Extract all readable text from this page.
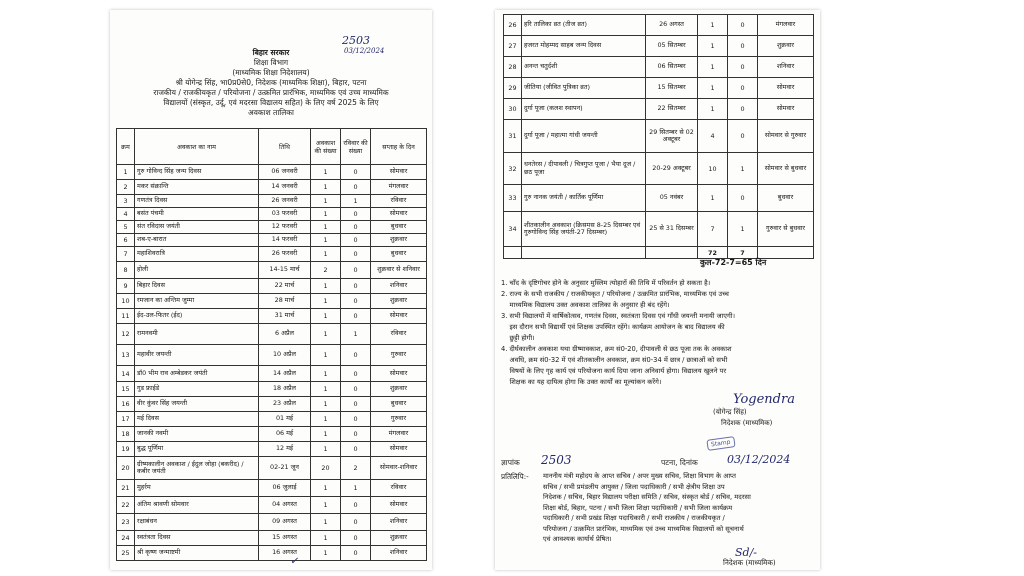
2503
03/12/2024
बिहार सरकार
शिक्षा विभाग
(माध्यमिक शिक्षा निदेशालय)
श्री योगेन्द्र सिंह, भा0प्र0से0, निदेशक (माध्यमिक शिक्षा), बिहार, पटना
राजकीय / राजकीयकृत / परियोजना / उत्क्रमित प्रारंभिक, माध्यमिक एवं उच्च माध्यमिक
विद्यालयों (संस्कृत, उर्दू, एवं मदरसा विद्यालय सहित) के लिए वर्ष 2025 के लिए
अवकाश तालिका
क्रम	अवकाश का नाम	तिथि	अवकाश की संख्या	रविवार की संख्या	सप्ताह के दिन
1	गुरु गोविन्द सिंह जन्म दिवस	06 जनवरी	1	0	सोमवार
2	मकर संक्रान्ति	14 जनवरी	1	0	मंगलवार
3	गणतंत्र दिवस	26 जनवरी	1	1	रविवार
4	बसंत पंचमी	03 फरवरी	1	0	सोमवार
5	संत रविदास जयंती	12 फरवरी	1	0	बुधवार
6	शब-ए-बारात	14 फरवरी	1	0	शुक्रवार
7	महाशिवरात्रि	26 फरवरी	1	0	बुधवार
8	होली	14-15 मार्च	2	0	शुक्रवार से शनिवार
9	बिहार दिवस	22 मार्च	1	0	शनिवार
10	रमजान का अन्तिम जुम्मा	28 मार्च	1	0	शुक्रवार
11	ईद-उल-फितर (ईद)	31 मार्च	1	0	सोमवार
12	रामनवमी	6 अप्रैल	1	1	रविवार
13	महावीर जयन्ती	10 अप्रैल	1	0	गुरुवार
14	डॉ0 भीम राव अम्बेडकर जयंती	14 अप्रैल	1	0	सोमवार
15	गुड फ्राईडे	18 अप्रैल	1	0	शुक्रवार
16	वीर कुंवर सिंह जयन्ती	23 अप्रैल	1	0	बुधवार
17	मई दिवस	01 मई	1	0	गुरुवार
18	जानकी नवमी	06 मई	1	0	मंगलवार
19	बुद्ध पूर्णिमा	12 मई	1	0	सोमवार
20	ग्रीष्मकालीन अवकाश / ईदुल जोहा (बकरीद) / कबीर जयंती	02-21 जून	20	2	सोमवार-शनिवार
21	मुहर्रम	06 जुलाई	1	1	रविवार
22	अंतिम श्रावणी सोमवार	04 अगस्त	1	0	सोमवार
23	रक्षाबंधन	09 अगस्त	1	0	शनिवार
24	स्वतंत्रता दिवस	15 अगस्त	1	0	शुक्रवार
25	श्री कृष्ण जन्माष्टमी	16 अगस्त	1	0	शनिवार
✓
26	हरि तालिका व्रत (तीज व्रत)	26 अगस्त	1	0	मंगलवार
27	हजरत मोहम्मद साहब जन्म दिवस	05 सितम्बर	1	0	शुक्रवार
28	अनन्त चतुर्दशी	06 सितम्बर	1	0	शनिवार
29	जीतिया (जीवित पुत्रिका व्रत)	15 सितम्बर	1	0	सोमवार
30	दुर्गा पूजा (कलश स्थापन)	22 सितम्बर	1	0	सोमवार
31	दुर्गा पूजा / महात्मा गांधी जयन्ती	29 सितम्बर से 02 अक्टूबर	4	0	सोमवार से गुरुवार
32	धनतेरस / दीपावली / चित्रगुप्त पूजा / भैया दूज / छठ पूजा	20-29 अक्टूबर	10	1	सोमवार से बुधवार
33	गुरु नानक जयंती / कार्तिक पूर्णिमा	05 नवंबर	1	0	बुधवार
34	शीतकालीन अवकाश (क्रिसमस 8-25 दिसम्बर एवं गुरुगोविन्द सिंह जयंती-27 दिसम्बर)	25 से 31 दिसम्बर	7	1	गुरुवार से बुधवार
			72	7	
कुल-72-7=65 दिन
1. चाँद के दृष्टिगोचर होने के अनुसार मुस्लिम त्योहारों की तिथि में परिवर्तन हो सकता है।
2. राज्य के सभी राजकीय / राजकीयकृत / परियोजना / उत्क्रमित प्रारंभिक, माध्यमिक एवं उच्च
माध्यमिक विद्यालय उक्त अवकाश तालिका के अनुसार ही बंद रहेंगे।
3. सभी विद्यालयों में वार्षिकोत्सव, गणतंत्र दिवस, स्वतंत्रता दिवस एवं गाँधी जयन्ती मनायी जाएगी।
इस दौरान सभी विद्यार्थी एवं शिक्षक उपस्थित रहेंगे। कार्यक्रम आयोजन के बाद विद्यालय की
छुट्टी होगी।
4. दीर्घकालीन अवकाश यथा ग्रीष्मावकाश, क्रम सं0-20, दीपावली से छठ पूजा तक के अवकाश
अवधि, क्रम सं0-32 में एवं शीतकालीन अवकाश, क्रम सं0-34 में छात्र / छात्राओं को सभी
विषयों के लिए गृह कार्य एवं परियोजना कार्य दिया जाना अनिवार्य होगा। विद्यालय खुलने पर
शिक्षक का यह दायित्व होगा कि उक्त कार्यों का मूल्यांकन करेंगे।
Yogendra
(योगेन्द्र सिंह)
निदेशक (माध्यमिक)
Stamp
ज्ञापांक 2503	पटना, दिनांक	03/12/2024
प्रतिलिपि:- माननीय मंत्री महोदय के आप्त सचिव / अपर मुख्य सचिव, शिक्षा विभाग के आप्त
सचिव / सभी प्रमंडलीय आयुक्त / जिला पदाधिकारी / सभी क्षेत्रीय शिक्षा उप
निदेशक / सचिव, बिहार विद्यालय परीक्षा समिति / सचिव, संस्कृत बोर्ड / सचिव, मदरसा
शिक्षा बोर्ड, बिहार, पटना / सभी जिला शिक्षा पदाधिकारी / सभी जिला कार्यक्रम
पदाधिकारी / सभी प्रखंड शिक्षा पदाधिकारी / सभी राजकीय / राजकीयकृत /
परियोजना / उत्क्रमित प्रारंभिक, माध्यमिक एवं उच्च माध्यमिक विद्यालयों को सूचनार्थ
एवं आवश्यक कार्यार्थ प्रेषित।
Sd/-
निदेशक (माध्यमिक)
